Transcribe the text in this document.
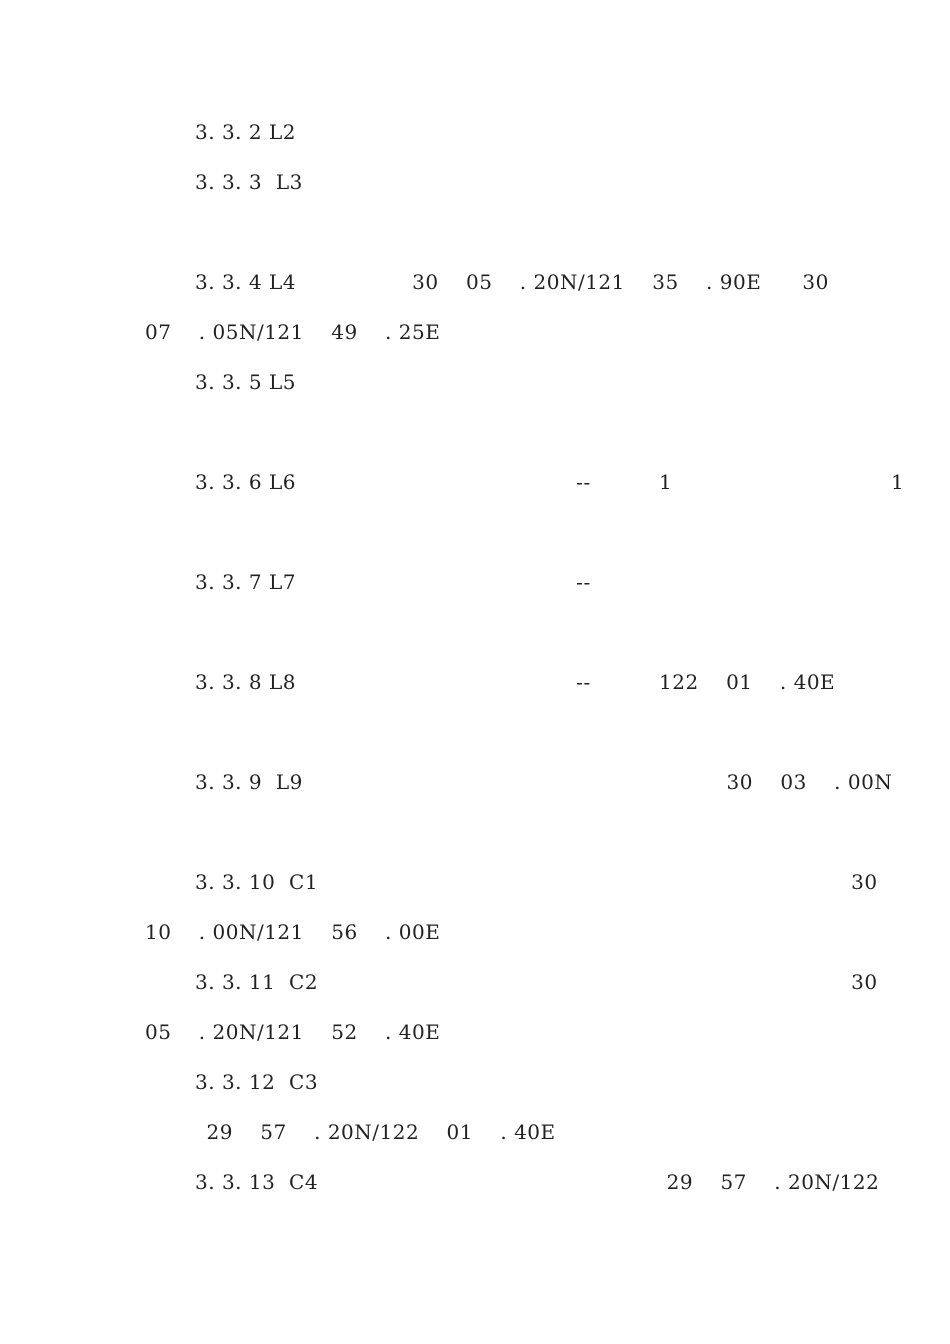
3. 3. 2 L2 　　　　　　　　　　　　　　　　　　　
3. 3. 3  L3  　　　　　　　　　　　　　　　　　　

3. 3. 4 L4 　　　　　 30　 05　 . 20N/121　 35　 . 90E 　  30　
07　 . 05N/121　 49　 . 25E 　　　　　　
3. 3. 5 L5 　　　　　　　　　　　　　　　　　　　

3. 3. 6 L6 　　　　　　　　　　　　　 --　　　 1 　　　　　　　　　　 1 　

3. 3. 7 L7 　　　　　　　　　　　　　 --　　　　　　　　　　　

3. 3. 8 L8 　　　　　　　　　　　　　 --　　　 122　 01　 . 40E 　　

3. 3. 9  L9 　　　　　　　　　　　　　　　　　　　　 30　 03　 . 00N 　

3. 3. 10  C1  　　　　　　　　　　　　　　　　　　　　　　　　　 30　
10　 . 00N/121　 56　 . 00E　　　　
3. 3. 11  C2  　　　　　　　　　　　　　　　　　　　　　　　　　 30　
05　 . 20N/121　 52　 . 40E　　　　
3. 3. 12  C3  　　　　　　　　　　　　　　　　　　　
　　　29　 57　 . 20N/122　 01　 . 40E　　　　
3. 3. 13  C4  　　　　　　　　　　　　　　　　 29　 57　 . 20N/122　
